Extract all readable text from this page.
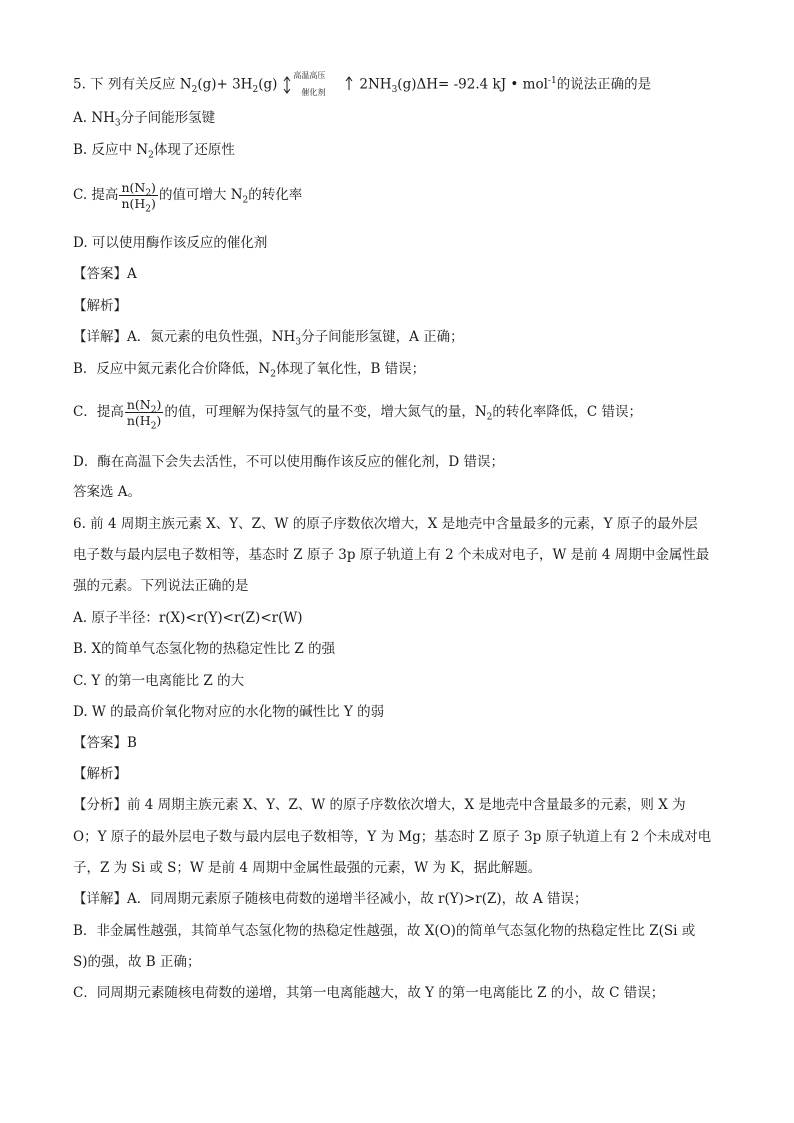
5. 下 列有关反应 $N_2(g)+ 3H_2(g)$
高温高压
催化剂	$2NH_3(g)\Delta H= -92.4$ kJ • mol$^{-1}$的说法正确的是
A. $NH_3$分子间能形氢键
B. 反应中 $N_2$体现了还原性
C. 提高 $\frac{n(N_2)}{n(H_2)}$ 的值可增大 $N_2$的转化率
D. 可以使用酶作该反应的催化剂
【答案】A
【解析】
【详解】A．氮元素的电负性强，$NH_3$分子间能形氢键，A 正确；
B．反应中氮元素化合价降低，$N_2$体现了氧化性，B 错误；
C．提高 $\frac{n(N_2)}{n(H_2)}$ 的值，可理解为保持氢气的量不变，增大氮气的量，$N_2$的转化率降低，C 错误；
D．酶在高温下会失去活性，不可以使用酶作该反应的催化剂，D 错误；
答案选 A。
6. 前 4 周期主族元素 X、Y、Z、W 的原子序数依次增大，X 是地壳中含量最多的元素，Y 原子的最外层
电子数与最内层电子数相等，基态时 Z 原子 3p 原子轨道上有 2 个未成对电子，W 是前 4 周期中金属性最
强的元素。下列说法正确的是
A. 原子半径：r(X)<r(Y)<r(Z)<r(W)
B. X的简单气态氢化物的热稳定性比 Z 的强
C. Y 的第一电离能比 Z 的大
D. W 的最高价氧化物对应的水化物的碱性比 Y 的弱
【答案】B
【解析】
【分析】前 4 周期主族元素 X、Y、Z、W 的原子序数依次增大，X 是地壳中含量最多的元素，则 X 为
O；Y 原子的最外层电子数与最内层电子数相等，Y 为 Mg；基态时 Z 原子 3p 原子轨道上有 2 个未成对电
子，Z 为 Si 或 S；W 是前 4 周期中金属性最强的元素，W 为 K，据此解题。
【详解】A．同周期元素原子随核电荷数的递增半径减小，故 r(Y)>r(Z)，故 A 错误；
B．非金属性越强，其简单气态氢化物的热稳定性越强，故 X(O)的简单气态氢化物的热稳定性比 Z(Si 或
S)的强，故 B 正确；
C．同周期元素随核电荷数的递增，其第一电离能越大，故 Y 的第一电离能比 Z 的小，故 C 错误；
